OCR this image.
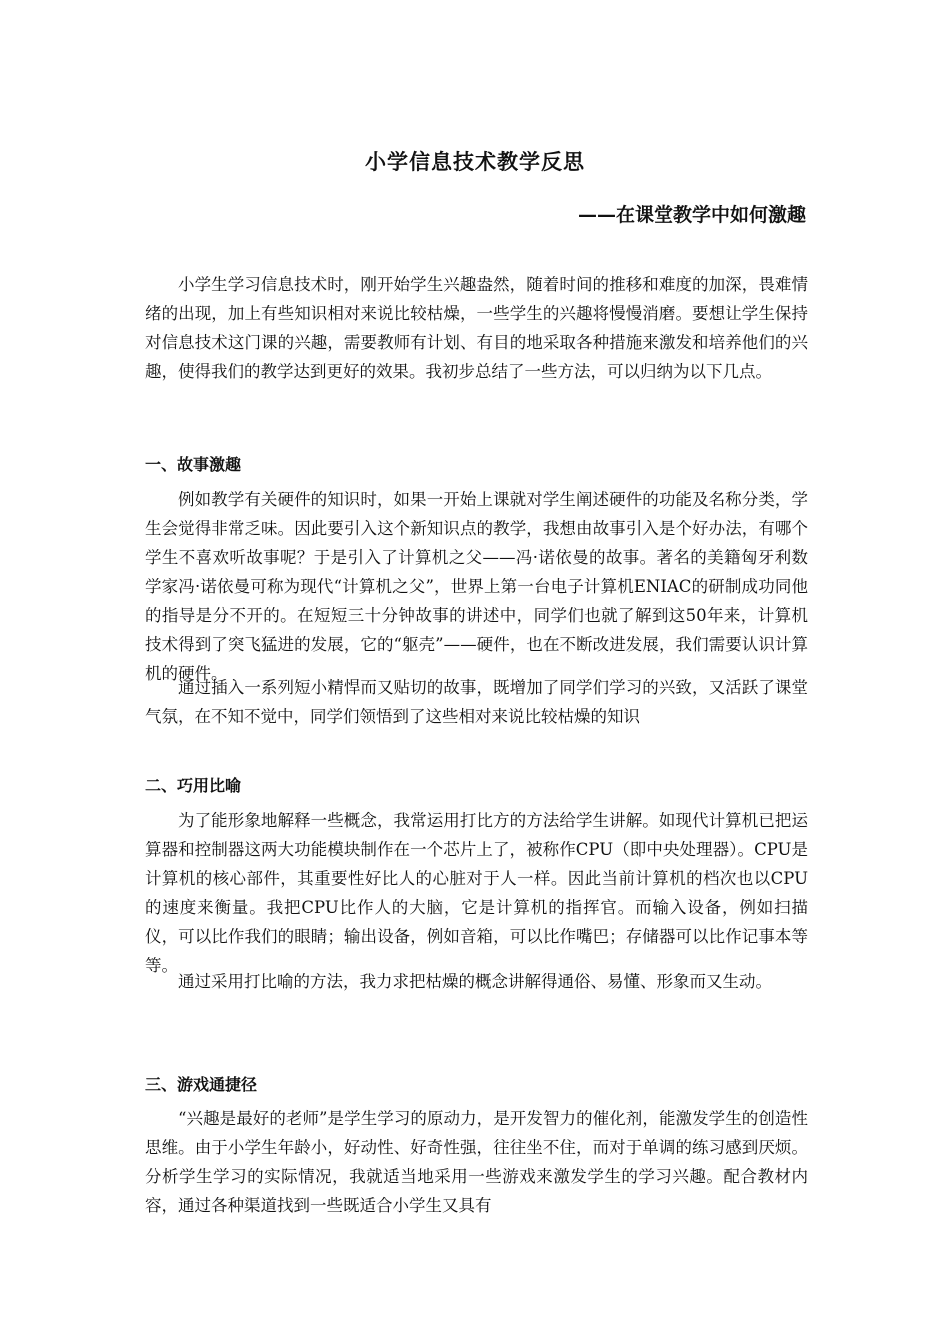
小学信息技术教学反思
——在课堂教学中如何激趣

小学生学习信息技术时，刚开始学生兴趣盎然，随着时间的推移和难度的加深，畏难情绪的出现，加上有些知识相对来说比较枯燥，一些学生的兴趣将慢慢消磨。要想让学生保持对信息技术这门课的兴趣，需要教师有计划、有目的地采取各种措施来激发和培养他们的兴趣，使得我们的教学达到更好的效果。我初步总结了一些方法，可以归纳为以下几点。

一、故事激趣

例如教学有关硬件的知识时，如果一开始上课就对学生阐述硬件的功能及名称分类，学生会觉得非常乏味。因此要引入这个新知识点的教学，我想由故事引入是个好办法，有哪个学生不喜欢听故事呢？于是引入了计算机之父——冯·诺依曼的故事。著名的美籍匈牙利数学家冯·诺依曼可称为现代“计算机之父”，世界上第一台电子计算机ENIAC的研制成功同他的指导是分不开的。在短短三十分钟故事的讲述中，同学们也就了解到这50年来，计算机技术得到了突飞猛进的发展，它的“躯壳”——硬件，也在不断改进发展，我们需要认识计算机的硬件。

通过插入一系列短小精悍而又贴切的故事，既增加了同学们学习的兴致，又活跃了课堂气氛，在不知不觉中，同学们领悟到了这些相对来说比较枯燥的知识

二、巧用比喻

为了能形象地解释一些概念，我常运用打比方的方法给学生讲解。如现代计算机已把运算器和控制器这两大功能模块制作在一个芯片上了，被称作CPU（即中央处理器）。CPU是计算机的核心部件，其重要性好比人的心脏对于人一样。因此当前计算机的档次也以CPU的速度来衡量。我把CPU比作人的大脑，它是计算机的指挥官。而输入设备，例如扫描仪，可以比作我们的眼睛；输出设备，例如音箱，可以比作嘴巴；存储器可以比作记事本等等。

通过采用打比喻的方法，我力求把枯燥的概念讲解得通俗、易懂、形象而又生动。

三、游戏通捷径

“兴趣是最好的老师”是学生学习的原动力，是开发智力的催化剂，能激发学生的创造性思维。由于小学生年龄小，好动性、好奇性强，往往坐不住，而对于单调的练习感到厌烦。分析学生学习的实际情况，我就适当地采用一些游戏来激发学生的学习兴趣。配合教材内容，通过各种渠道找到一些既适合小学生又具有
